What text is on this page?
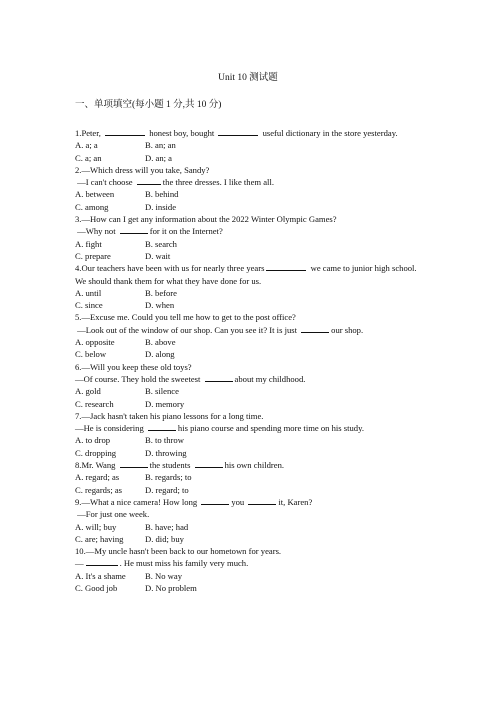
Unit 10 测试题
一、单项填空(每小题 1 分,共 10 分)
1.Peter,	honest boy, bought	useful dictionary in the store yesterday.
A. a; a	B. an; an
C. a; an	D. an; a
2.—Which dress will you take, Sandy?
—I can't choose	the three dresses. I like them all.
A. between	B. behind
C. among	D. inside
3.—How can I get any information about the 2022 Winter Olympic Games?
—Why not	for it on the Internet?
A. fight	B. search
C. prepare	D. wait
4.Our teachers have been with us for nearly three years	we came to junior high school. We should thank them for what they have done for us.
A. until	B. before
C. since	D. when
5.—Excuse me. Could you tell me how to get to the post office?
—Look out of the window of our shop. Can you see it? It is just	our shop.
A. opposite	B. above
C. below	D. along
6.—Will you keep these old toys?
—Of course. They hold the sweetest	about my childhood.
A. gold	B. silence
C. research	D. memory
7.—Jack hasn't taken his piano lessons for a long time.
—He is considering	his piano course and spending more time on his study.
A. to drop	B. to throw
C. dropping	D. throwing
8.Mr. Wang	the students	his own children.
A. regard; as	B. regards; to
C. regards; as	D. regard; to
9.—What a nice camera! How long	you	it, Karen?
—For just one week.
A. will; buy	B. have; had
C. are; having	D. did; buy
10.—My uncle hasn't been back to our hometown for years.
—	. He must miss his family very much.
A. It's a shame	B. No way
C. Good job	D. No problem
